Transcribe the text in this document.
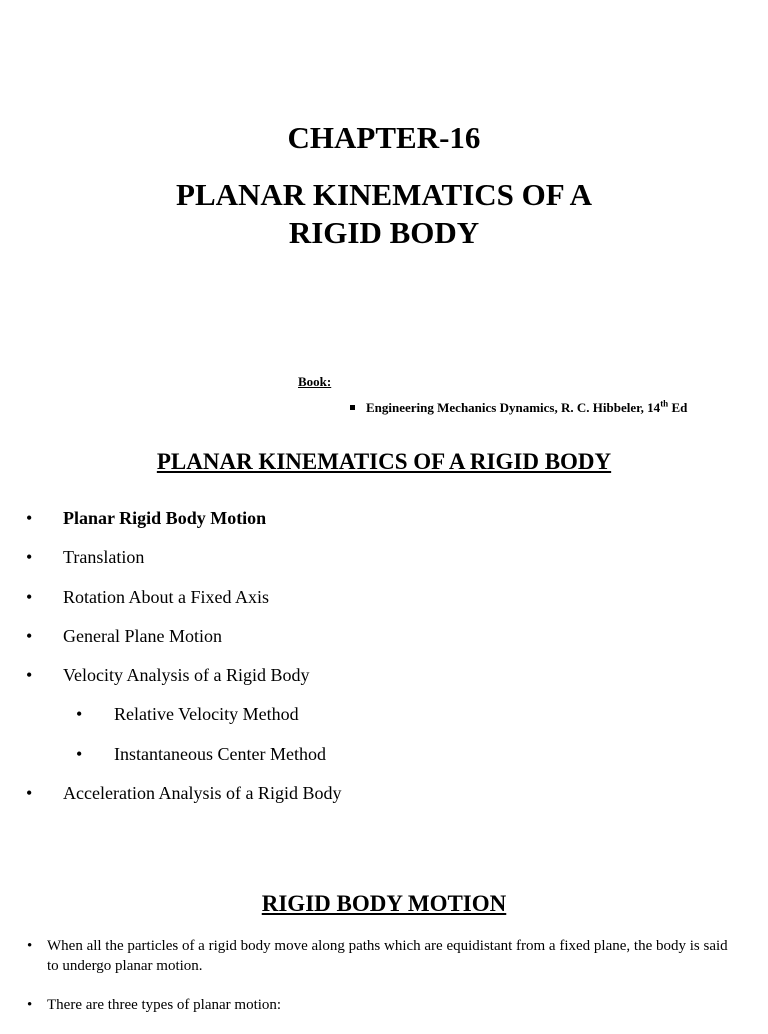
CHAPTER-16
PLANAR KINEMATICS OF A
RIGID BODY
Book:
Engineering Mechanics Dynamics, R. C. Hibbeler, 14th Ed
PLANAR KINEMATICS OF A RIGID BODY
• Planar Rigid Body Motion
• Translation
• Rotation About a Fixed Axis
• General Plane Motion
• Velocity Analysis of a Rigid Body
• Relative Velocity Method
• Instantaneous Center Method
• Acceleration Analysis of a Rigid Body
RIGID BODY MOTION
• When all the particles of a rigid body move along paths which are equidistant from a fixed plane, the body is said to undergo planar motion.
• There are three types of planar motion:
